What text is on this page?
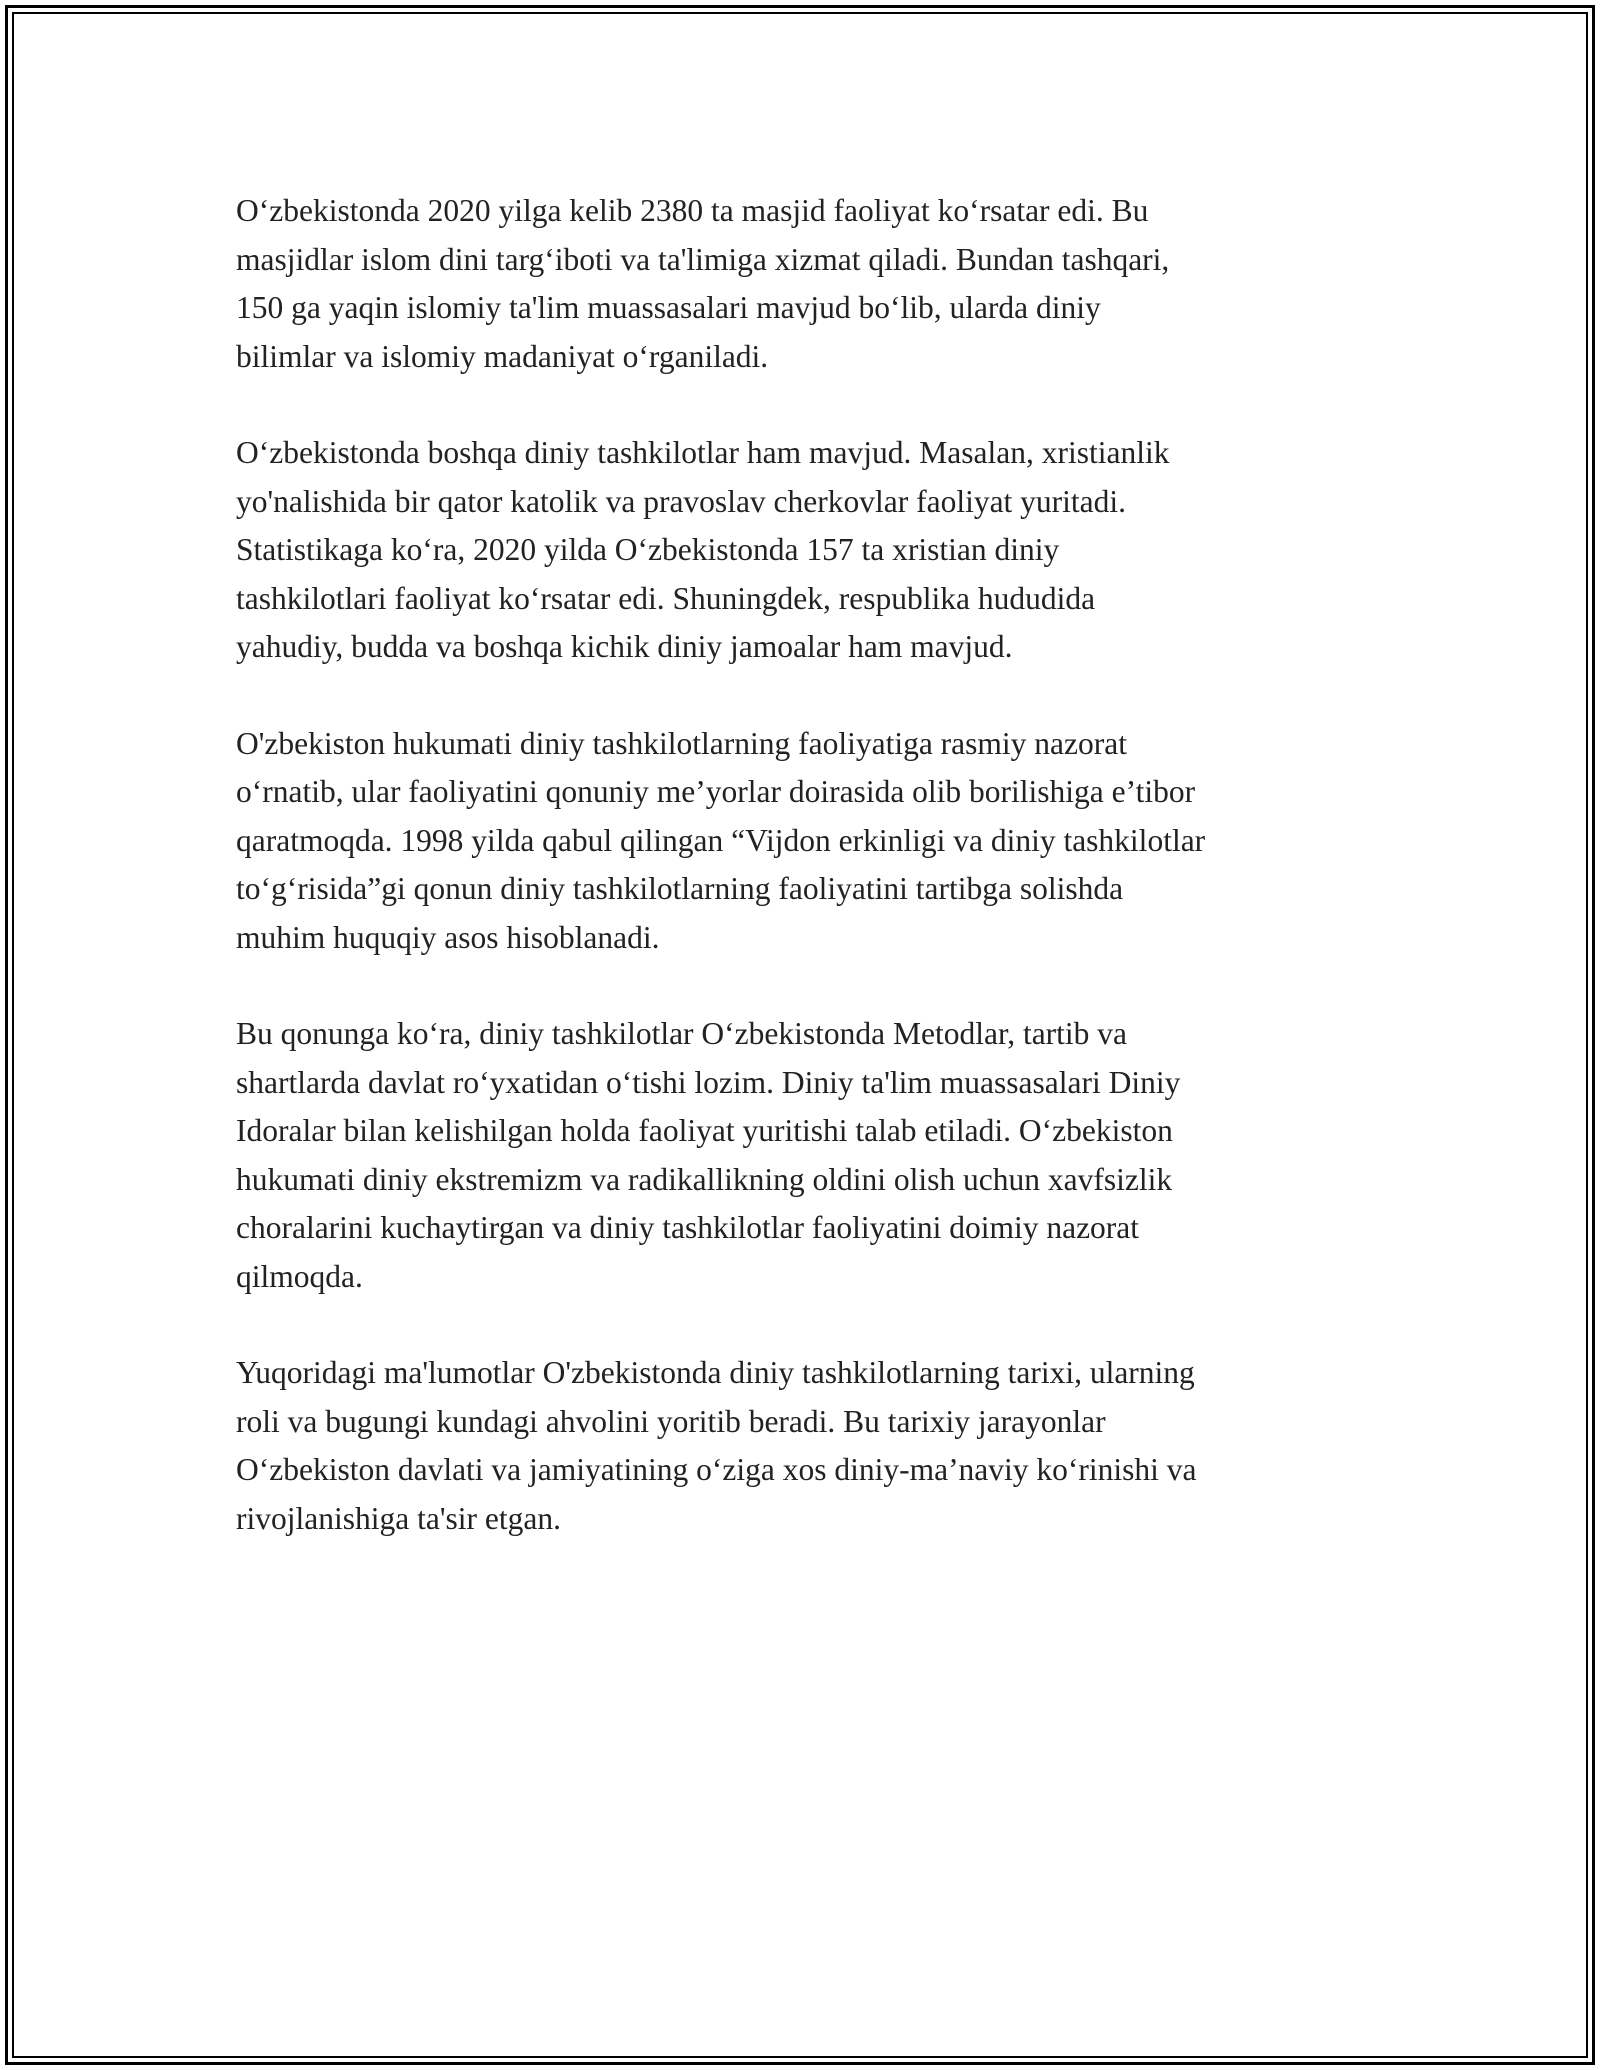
O‘zbekistonda 2020 yilga kelib 2380 ta masjid faoliyat ko‘rsatar edi. Bu
masjidlar islom dini targ‘iboti va ta'limiga xizmat qiladi. Bundan tashqari,
150 ga yaqin islomiy ta'lim muassasalari mavjud bo‘lib, ularda diniy
bilimlar va islomiy madaniyat o‘rganiladi.

O‘zbekistonda boshqa diniy tashkilotlar ham mavjud. Masalan, xristianlik
yo'nalishida bir qator katolik va pravoslav cherkovlar faoliyat yuritadi.
Statistikaga ko‘ra, 2020 yilda O‘zbekistonda 157 ta xristian diniy
tashkilotlari faoliyat ko‘rsatar edi. Shuningdek, respublika hududida
yahudiy, budda va boshqa kichik diniy jamoalar ham mavjud.

O'zbekiston hukumati diniy tashkilotlarning faoliyatiga rasmiy nazorat
o‘rnatib, ular faoliyatini qonuniy me’yorlar doirasida olib borilishiga e’tibor
qaratmoqda. 1998 yilda qabul qilingan “Vijdon erkinligi va diniy tashkilotlar
to‘g‘risida”gi qonun diniy tashkilotlarning faoliyatini tartibga solishda
muhim huquqiy asos hisoblanadi.

Bu qonunga ko‘ra, diniy tashkilotlar O‘zbekistonda Metodlar, tartib va
shartlarda davlat ro‘yxatidan o‘tishi lozim. Diniy ta'lim muassasalari Diniy
Idoralar bilan kelishilgan holda faoliyat yuritishi talab etiladi. O‘zbekiston
hukumati diniy ekstremizm va radikallikning oldini olish uchun xavfsizlik
choralarini kuchaytirgan va diniy tashkilotlar faoliyatini doimiy nazorat
qilmoqda.

Yuqoridagi ma'lumotlar O'zbekistonda diniy tashkilotlarning tarixi, ularning
roli va bugungi kundagi ahvolini yoritib beradi. Bu tarixiy jarayonlar
O‘zbekiston davlati va jamiyatining o‘ziga xos diniy-ma’naviy ko‘rinishi va
rivojlanishiga ta'sir etgan.
